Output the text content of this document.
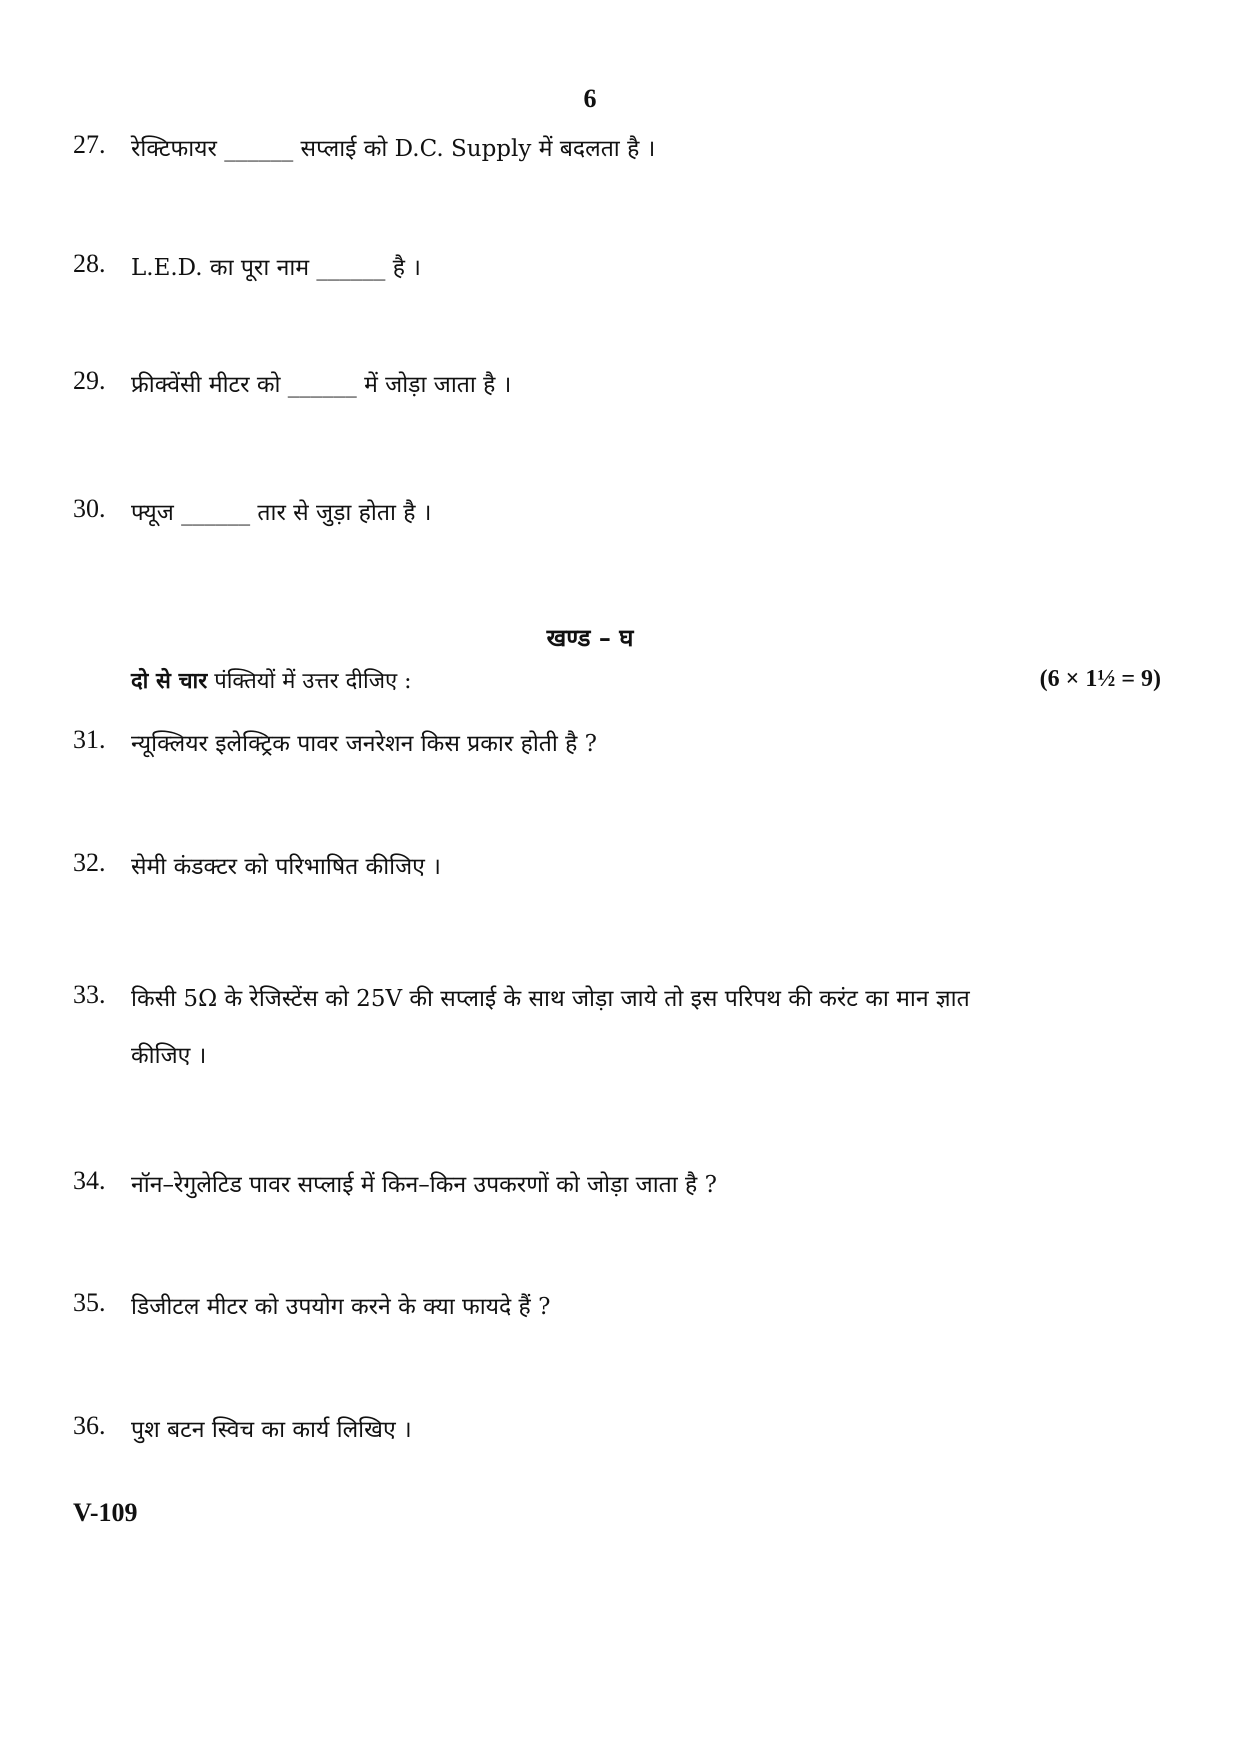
6
27. रेक्टिफायर ______ सप्लाई को D.C. Supply में बदलता है ।
28. L.E.D. का पूरा नाम ______ है ।
29. फ्रीक्वेंसी मीटर को ______ में जोड़ा जाता है ।
30. फ्यूज ______ तार से जुड़ा होता है ।
खण्ड – घ
दो से चार पंक्तियों में उत्तर दीजिए :	(6 × 1½ = 9)
31. न्यूक्लियर इलेक्ट्रिक पावर जनरेशन किस प्रकार होती है ?
32. सेमी कंडक्टर को परिभाषित कीजिए ।
33. किसी 5Ω के रेजिस्टेंस को 25V की सप्लाई के साथ जोड़ा जाये तो इस परिपथ की करंट का मान ज्ञात
कीजिए ।
34. नॉन–रेगुलेटिड पावर सप्लाई में किन–किन उपकरणों को जोड़ा जाता है ?
35. डिजीटल मीटर को उपयोग करने के क्या फायदे हैं ?
36. पुश बटन स्विच का कार्य लिखिए ।
V-109
